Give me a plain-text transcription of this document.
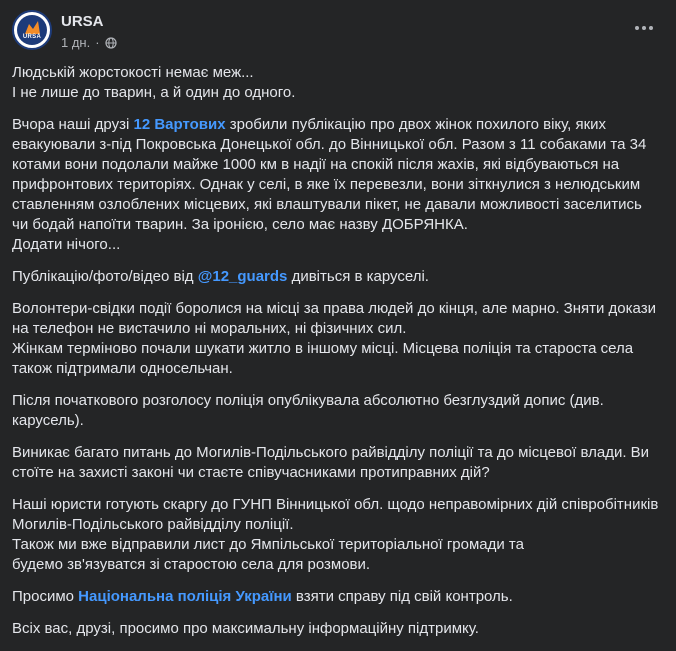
URSA
URSA
1 дн. ·

Людській жорстокості немає меж...
І не лише до тварин, а й один до одного.

Вчора наші друзі 12 Вартових зробили публікацію про двох жінок похилого віку, яких евакуювали з-під Покровська Донецької обл. до Вінницької обл. Разом з 11 собаками та 34 котами вони подолали майже 1000 км в надії на спокій після жахів, які відбуваються на прифронтових територіях. Однак у селі, в яке їх перевезли, вони зіткнулися з нелюдським ставленням озлоблених місцевих, які влаштували пікет, не давали можливості заселитись чи бодай напоїти тварин. За іронією, село має назву ДОБРЯНКА.
Додати нічого...

Публікацію/фото/відео від @12_guards дивіться в каруселі.

Волонтери-свідки події боролися на місці за права людей до кінця, але марно. Зняти докази на телефон не вистачило ні моральних, ні фізичних сил.
Жінкам терміново почали шукати житло в іншому місці. Місцева поліція та староста села також підтримали односельчан.

Після початкового розголосу поліція опублікувала абсолютно безглуздий допис (див. карусель).

Виникає багато питань до Могилів-Подільського райвідділу поліції та до місцевої влади. Ви стоїте на захисті законі чи стаєте співучасниками протиправних дій?

Наші юристи готують скаргу до ГУНП Вінницької обл. щодо неправомірних дій співробітників Могилів-Подільського райвідділу поліції.
Також ми вже відправили лист до Ямпільської територіальної громади та
будемо зв'язуватся зі старостою села для розмови.

Просимо Національна поліція України взяти справу під свій контроль.

Всіх вас, друзі, просимо про максимальну інформаційну підтримку.
